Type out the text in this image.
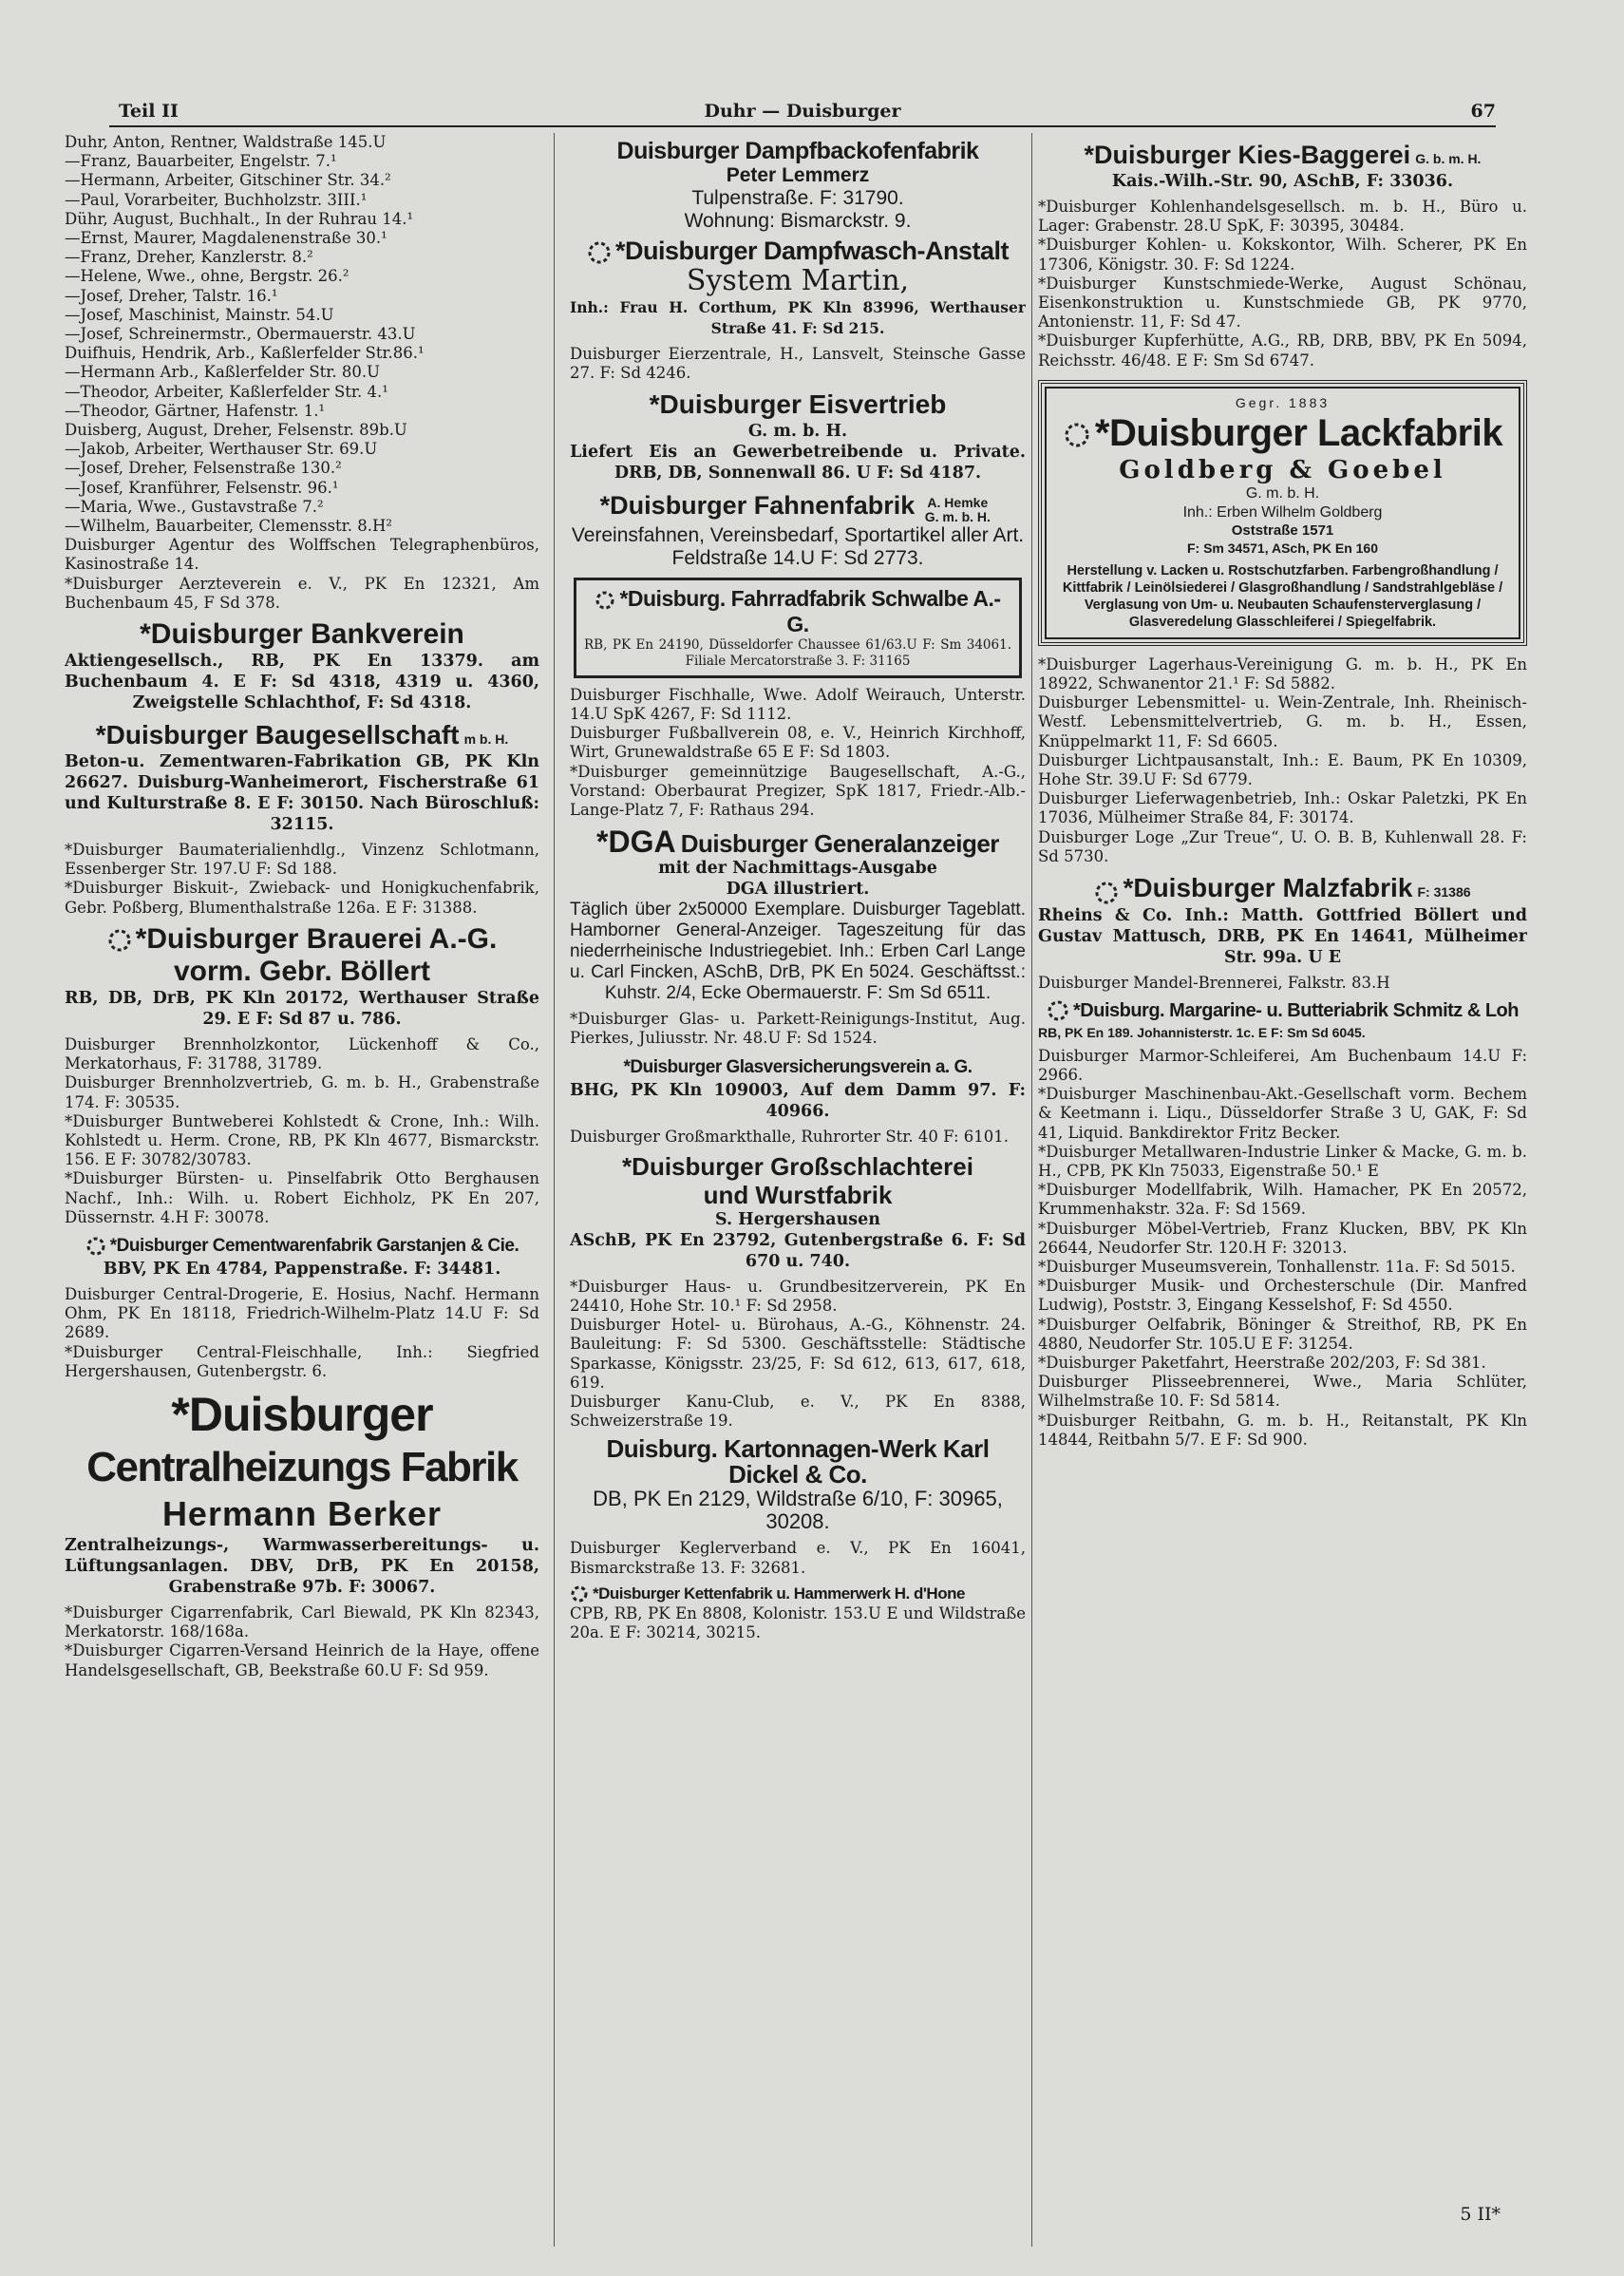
Teil II	Duhr — Duisburger	67

Duhr, Anton, Rentner, Waldstraße 145.U

—Franz, Bauarbeiter, Engelstr. 7.¹

—Hermann, Arbeiter, Gitschiner Str. 34.²

—Paul, Vorarbeiter, Buchholzstr. 3III.¹

Dühr, August, Buchhalt., In der Ruhrau 14.¹

—Ernst, Maurer, Magdalenenstraße 30.¹

—Franz, Dreher, Kanzlerstr. 8.²

—Helene, Wwe., ohne, Bergstr. 26.²

—Josef, Dreher, Talstr. 16.¹

—Josef, Maschinist, Mainstr. 54.U

—Josef, Schreinermstr., Obermauerstr. 43.U

Duifhuis, Hendrik, Arb., Kaßlerfelder Str.86.¹

—Hermann Arb., Kaßlerfelder Str. 80.U

—Theodor, Arbeiter, Kaßlerfelder Str. 4.¹

—Theodor, Gärtner, Hafenstr. 1.¹

Duisberg, August, Dreher, Felsenstr. 89b.U

—Jakob, Arbeiter, Werthauser Str. 69.U

—Josef, Dreher, Felsenstraße 130.²

—Josef, Kranführer, Felsenstr. 96.¹

—Maria, Wwe., Gustavstraße 7.²

—Wilhelm, Bauarbeiter, Clemensstr. 8.H²

Duisburger Agentur des Wolffschen Telegraphenbüros, Kasinostraße 14.

*Duisburger Aerzteverein e. V., PK En 12321, Am Buchenbaum 45, F Sd 378.

*Duisburger Bankverein
Aktiengesellsch., RB, PK En 13379. am Buchenbaum 4. E F: Sd 4318, 4319 u. 4360, Zweigstelle Schlachthof, F: Sd 4318.
*Duisburger Baugesellschaft m b. H.
Beton-u. Zementwaren-Fabrikation GB, PK Kln 26627. Duisburg-Wanheimerort, Fischerstraße 61 und Kulturstraße 8. E F: 30150. Nach Büroschluß: 32115.

*Duisburger Baumaterialienhdlg., Vinzenz Schlotmann, Essenberger Str. 197.U F: Sd 188.

*Duisburger Biskuit-, Zwieback- und Honigkuchenfabrik, Gebr. Poßberg, Blumenthalstraße 126a. E F: 31388.

*Duisburger Brauerei A.-G.
vorm. Gebr. Böllert
RB, DB, DrB, PK Kln 20172, Werthauser Straße 29. E F: Sd 87 u. 786.

Duisburger Brennholzkontor, Lückenhoff & Co., Merkatorhaus, F: 31788, 31789.

Duisburger Brennholzvertrieb, G. m. b. H., Grabenstraße 174. F: 30535.

*Duisburger Buntweberei Kohlstedt & Crone, Inh.: Wilh. Kohlstedt u. Herm. Crone, RB, PK Kln 4677, Bismarckstr. 156. E F: 30782/30783.

*Duisburger Bürsten- u. Pinselfabrik Otto Berghausen Nachf., Inh.: Wilh. u. Robert Eichholz, PK En 207, Düssernstr. 4.H F: 30078.

*Duisburger Cementwarenfabrik Garstanjen & Cie.
BBV, PK En 4784, Pappenstraße. F: 34481.

Duisburger Central-Drogerie, E. Hosius, Nachf. Hermann Ohm, PK En 18118, Friedrich-Wilhelm-Platz 14.U F: Sd 2689.

*Duisburger Central-Fleischhalle, Inh.: Siegfried Hergershausen, Gutenbergstr. 6.

*Duisburger
Centralheizungs Fabrik
Hermann Berker
Zentralheizungs-, Warmwasserbereitungs- u. Lüftungsanlagen. DBV, DrB, PK En 20158, Grabenstraße 97b. F: 30067.

*Duisburger Cigarrenfabrik, Carl Biewald, PK Kln 82343, Merkatorstr. 168/168a.

*Duisburger Cigarren-Versand Heinrich de la Haye, offene Handelsgesellschaft, GB, Beekstraße 60.U F: Sd 959.

Duisburger Dampfbackofenfabrik
Peter Lemmerz
Tulpenstraße. F: 31790.
Wohnung: Bismarckstr. 9.
*Duisburger Dampfwasch-Anstalt
System Martin,
Inh.: Frau H. Corthum, PK Kln 83996, Werthauser Straße 41. F: Sd 215.

Duisburger Eierzentrale, H., Lansvelt, Steinsche Gasse 27. F: Sd 4246.

*Duisburger Eisvertrieb
G. m. b. H.
Liefert Eis an Gewerbetreibende u. Private. DRB, DB, Sonnenwall 86. U F: Sd 4187.
*Duisburger Fahnenfabrik A. Hemke G. m. b. H.
Vereinsfahnen, Vereinsbedarf, Sportartikel aller Art. Feldstraße 14.U F: Sd 2773.
*Duisburg. Fahrradfabrik Schwalbe A.-G.
RB, PK En 24190, Düsseldorfer Chaussee 61/63.U F: Sm 34061. Filiale Mercatorstraße 3. F: 31165

Duisburger Fischhalle, Wwe. Adolf Weirauch, Unterstr. 14.U SpK 4267, F: Sd 1112.

Duisburger Fußballverein 08, e. V., Heinrich Kirchhoff, Wirt, Grunewaldstraße 65 E F: Sd 1803.

*Duisburger gemeinnützige Baugesellschaft, A.-G., Vorstand: Oberbaurat Pregizer, SpK 1817, Friedr.-Alb.-Lange-Platz 7, F: Rathaus 294.

*DGA Duisburger Generalanzeiger
mit der Nachmittags-Ausgabe
DGA illustriert.
Täglich über 2x50000 Exemplare. Duisburger Tageblatt. Hamborner General-Anzeiger. Tageszeitung für das niederrheinische Industriegebiet. Inh.: Erben Carl Lange u. Carl Fincken, ASchB, DrB, PK En 5024. Geschäftsst.: Kuhstr. 2/4, Ecke Obermauerstr. F: Sm Sd 6511.

*Duisburger Glas- u. Parkett-Reinigungs-Institut, Aug. Pierkes, Juliusstr. Nr. 48.U F: Sd 1524.

*Duisburger Glasversicherungsverein a. G.
BHG, PK Kln 109003, Auf dem Damm 97. F: 40966.

Duisburger Großmarkthalle, Ruhrorter Str. 40 F: 6101.

*Duisburger Großschlachterei
und Wurstfabrik
S. Hergershausen
ASchB, PK En 23792, Gutenbergstraße 6. F: Sd 670 u. 740.

*Duisburger Haus- u. Grundbesitzerverein, PK En 24410, Hohe Str. 10.¹ F: Sd 2958.

Duisburger Hotel- u. Bürohaus, A.-G., Köhnenstr. 24. Bauleitung: F: Sd 5300. Geschäftsstelle: Städtische Sparkasse, Königsstr. 23/25, F: Sd 612, 613, 617, 618, 619.

Duisburger Kanu-Club, e. V., PK En 8388, Schweizerstraße 19.

Duisburg. Kartonnagen-Werk Karl Dickel & Co.
DB, PK En 2129, Wildstraße 6/10, F: 30965, 30208.

Duisburger Keglerverband e. V., PK En 16041, Bismarckstraße 13. F: 32681.

*Duisburger Kettenfabrik u. Hammerwerk H. d'Hone

CPB, RB, PK En 8808, Kolonistr. 153.U E und Wildstraße 20a. E F: 30214, 30215.

*Duisburger Kies-Baggerei G. b. m. H.
Kais.-Wilh.-Str. 90, ASchB, F: 33036.

*Duisburger Kohlenhandelsgesellsch. m. b. H., Büro u. Lager: Grabenstr. 28.U SpK, F: 30395, 30484.

*Duisburger Kohlen- u. Kokskontor, Wilh. Scherer, PK En 17306, Königstr. 30. F: Sd 1224.

*Duisburger Kunstschmiede-Werke, August Schönau, Eisenkonstruktion u. Kunstschmiede GB, PK 9770, Antonienstr. 11, F: Sd 47.

*Duisburger Kupferhütte, A.G., RB, DRB, BBV, PK En 5094, Reichsstr. 46/48. E F: Sm Sd 6747.

Gegr. 1883
*Duisburger Lackfabrik
Goldberg & Goebel
G. m. b. H.
Inh.: Erben Wilhelm Goldberg
Oststraße 1571
F: Sm 34571, ASch, PK En 160
Herstellung v. Lacken u. Rostschutzfarben. Farbengroßhandlung / Kittfabrik / Leinölsiederei / Glasgroßhandlung / Sandstrahlgebläse / Verglasung von Um- u. Neubauten Schaufensterverglasung / Glasveredelung Glasschleiferei / Spiegelfabrik.

*Duisburger Lagerhaus-Vereinigung G. m. b. H., PK En 18922, Schwanentor 21.¹ F: Sd 5882.

Duisburger Lebensmittel- u. Wein-Zentrale, Inh. Rheinisch-Westf. Lebensmittelvertrieb, G. m. b. H., Essen, Knüppelmarkt 11, F: Sd 6605.

Duisburger Lichtpausanstalt, Inh.: E. Baum, PK En 10309, Hohe Str. 39.U F: Sd 6779.

Duisburger Lieferwagenbetrieb, Inh.: Oskar Paletzki, PK En 17036, Mülheimer Straße 84, F: 30174.

Duisburger Loge „Zur Treue“, U. O. B. B, Kuhlenwall 28. F: Sd 5730.

*Duisburger Malzfabrik F: 31386
Rheins & Co. Inh.: Matth. Gottfried Böllert und Gustav Mattusch, DRB, PK En 14641, Mülheimer Str. 99a. U E

Duisburger Mandel-Brennerei, Falkstr. 83.H

*Duisburg. Margarine- u. Butteriabrik Schmitz & Loh
RB, PK En 189. Johannisterstr. 1c. E F: Sm Sd 6045.

Duisburger Marmor-Schleiferei, Am Buchenbaum 14.U F: 2966.

*Duisburger Maschinenbau-Akt.-Gesellschaft vorm. Bechem & Keetmann i. Liqu., Düsseldorfer Straße 3 U, GAK, F: Sd 41, Liquid. Bankdirektor Fritz Becker.

*Duisburger Metallwaren-Industrie Linker & Macke, G. m. b. H., CPB, PK Kln 75033, Eigenstraße 50.¹ E

*Duisburger Modellfabrik, Wilh. Hamacher, PK En 20572, Krummenhakstr. 32a. F: Sd 1569.

*Duisburger Möbel-Vertrieb, Franz Klucken, BBV, PK Kln 26644, Neudorfer Str. 120.H F: 32013.

*Duisburger Museumsverein, Tonhallenstr. 11a. F: Sd 5015.

*Duisburger Musik- und Orchesterschule (Dir. Manfred Ludwig), Poststr. 3, Eingang Kesselshof, F: Sd 4550.

*Duisburger Oelfabrik, Böninger & Streithof, RB, PK En 4880, Neudorfer Str. 105.U E F: 31254.

*Duisburger Paketfahrt, Heerstraße 202/203, F: Sd 381.

Duisburger Plisseebrennerei, Wwe., Maria Schlüter, Wilhelmstraße 10. F: Sd 5814.

*Duisburger Reitbahn, G. m. b. H., Reitanstalt, PK Kln 14844, Reitbahn 5/7. E F: Sd 900.

5 II*
